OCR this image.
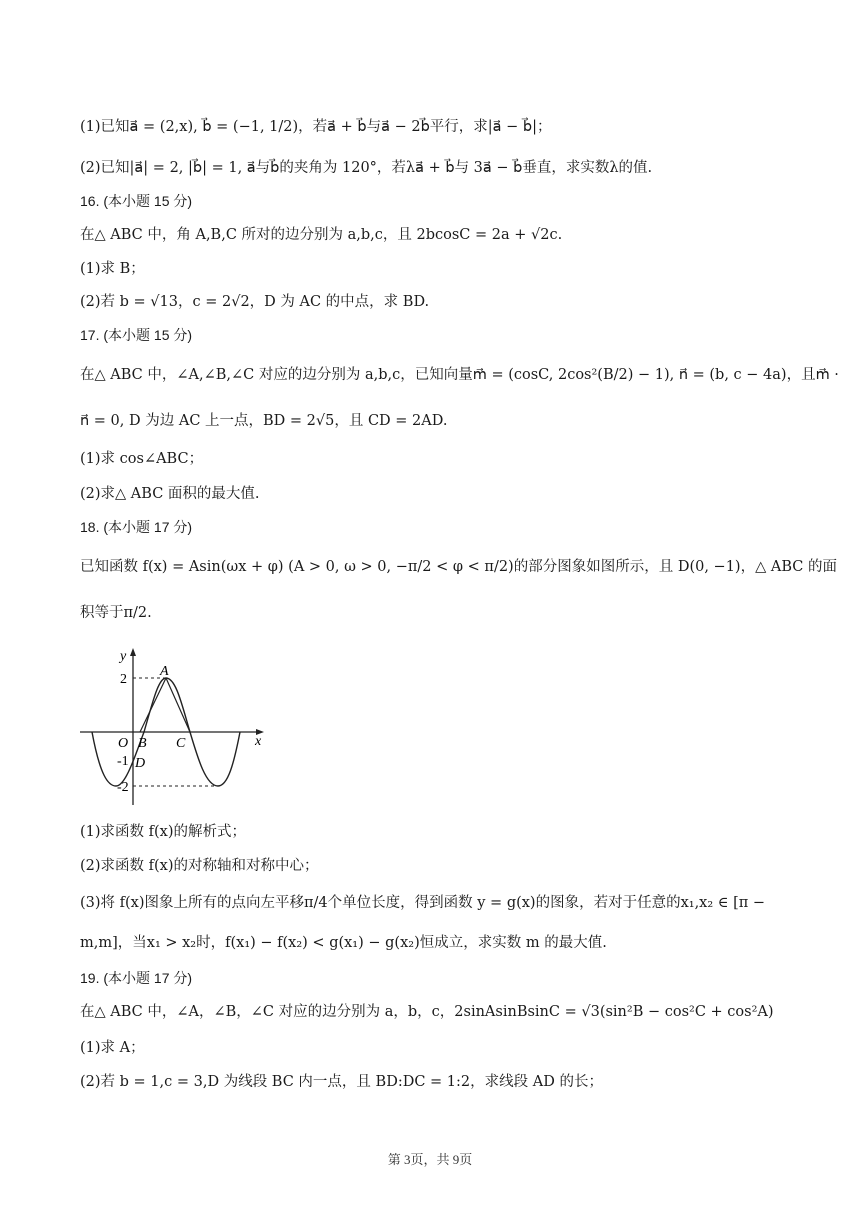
(1)已知a⃗ = (2,x), b⃗ = (−1, 1/2)，若a⃗ + b⃗与a⃗ − 2b⃗平行，求|a⃗ − b⃗|；
(2)已知|a⃗| = 2, |b⃗| = 1, a⃗与b⃗的夹角为 120°，若λa⃗ + b⃗与 3a⃗ − b⃗垂直，求实数λ的值.
16. (本小题 15 分)
在△ ABC 中，角 A,B,C 所对的边分别为 a,b,c，且 2bcosC = 2a + √2c.
(1)求 B；
(2)若 b = √13，c = 2√2，D 为 AC 的中点，求 BD.
17. (本小题 15 分)
在△ ABC 中，∠A,∠B,∠C 对应的边分别为 a,b,c，已知向量m⃗ = (cosC, 2cos²(B/2) − 1), n⃗ = (b, c − 4a)，且m⃗ ·
n⃗ = 0, D 为边 AC 上一点，BD = 2√5，且 CD = 2AD.
(1)求 cos∠ABC；
(2)求△ ABC 面积的最大值.
18. (本小题 17 分)
已知函数 f(x) = Asin(ωx + φ) (A > 0, ω > 0, −π/2 < φ < π/2)的部分图象如图所示，且 D(0, −1)，△ ABC 的面
积等于π/2.
y
x
O B C
A
D
2
-1
-2
(1)求函数 f(x)的解析式；
(2)求函数 f(x)的对称轴和对称中心；
(3)将 f(x)图象上所有的点向左平移π/4个单位长度，得到函数 y = g(x)的图象，若对于任意的x₁,x₂ ∈ [π −
m,m]，当x₁ > x₂时，f(x₁) − f(x₂) < g(x₁) − g(x₂)恒成立，求实数 m 的最大值.
19. (本小题 17 分)
在△ ABC 中，∠A，∠B，∠C 对应的边分别为 a，b，c，2sinAsinBsinC = √3(sin²B − cos²C + cos²A)
(1)求 A；
(2)若 b = 1,c = 3,D 为线段 BC 内一点，且 BD:DC = 1:2，求线段 AD 的长；
第 3页，共 9页
